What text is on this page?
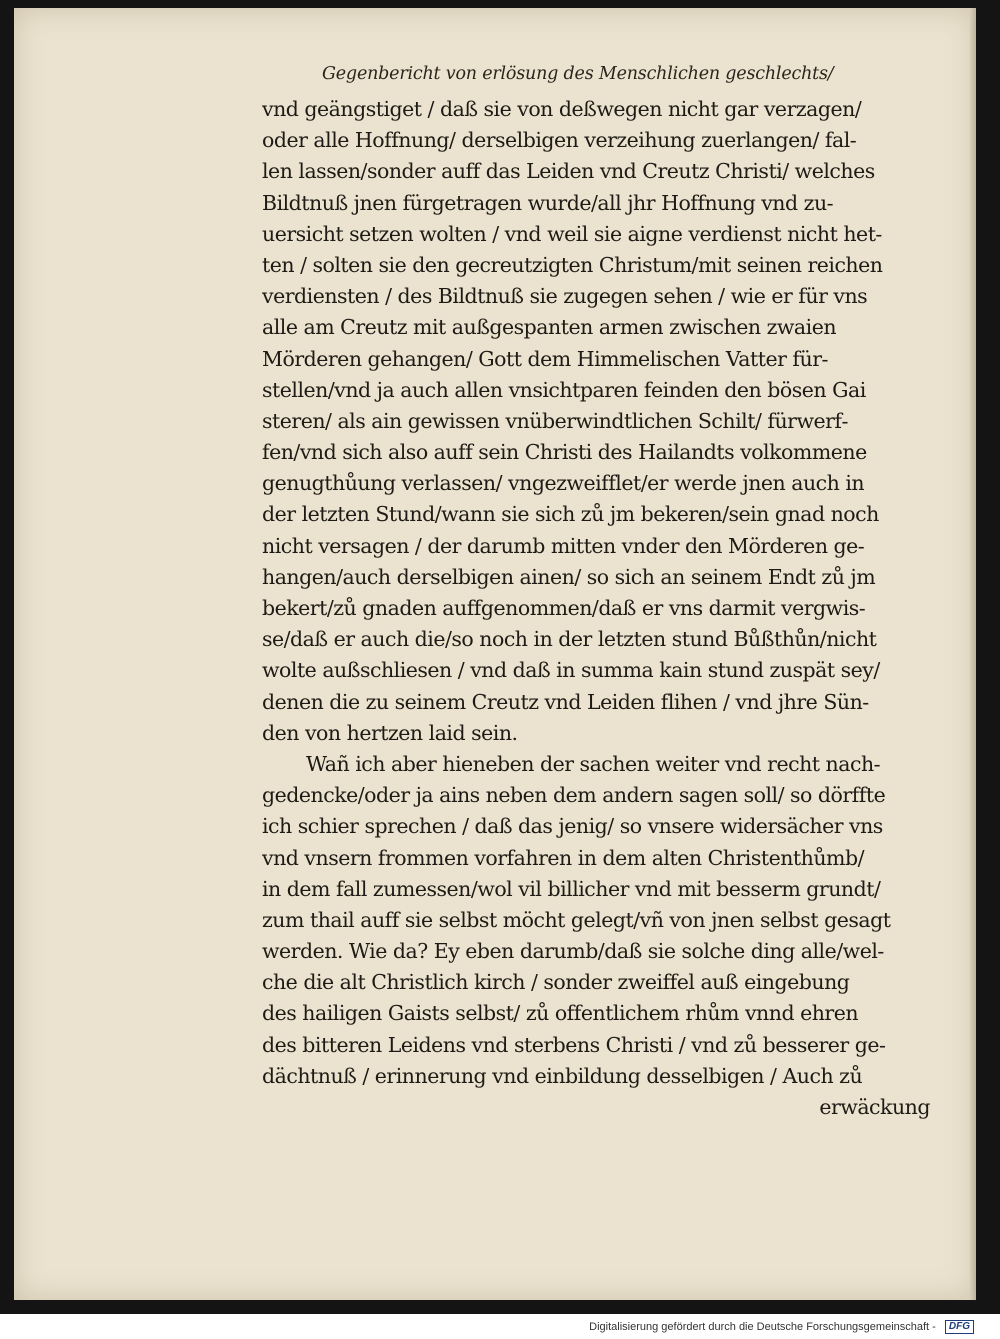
Gegenbericht von erlösung des Menschlichen geschlechts/
vnd geängstiget / daß sie von deßwegen nicht gar verzagen/
oder alle Hoffnung/ derselbigen verzeihung zuerlangen/ fal‑
len lassen/sonder auff das Leiden vnd Creutz Christi/ welches
Bildtnuß jnen fürgetragen wurde/all jhr Hoffnung vnd zu‑
uersicht setzen wolten / vnd weil sie aigne verdienst nicht het‑
ten / solten sie den gecreutzigten Christum/mit seinen reichen
verdiensten / des Bildtnuß sie zugegen sehen / wie er für vns
alle am Creutz mit außgespanten armen zwischen zwaien
Mörderen gehangen/ Gott dem Himmelischen Vatter für‑
stellen/vnd ja auch allen vnsichtparen feinden den bösen Gai
steren/ als ain gewissen vnüberwindtlichen Schilt/ fürwerf‑
fen/vnd sich also auff sein Christi des Hailandts volkommene
genugthůung verlassen/ vngezweifflet/er werde jnen auch in
der letzten Stund/wann sie sich zů jm bekeren/sein gnad noch
nicht versagen / der darumb mitten vnder den Mörderen ge‑
hangen/auch derselbigen ainen/ so sich an seinem Endt zů jm
bekert/zů gnaden auffgenommen/daß er vns darmit vergwis‑
se/daß er auch die/so noch in der letzten stund Bůßthůn/nicht
wolte außschliesen / vnd daß in summa kain stund zuspät sey/
denen die zu seinem Creutz vnd Leiden flihen / vnd jhre Sün‑
den von hertzen laid sein.
Wañ ich aber hieneben der sachen weiter vnd recht nach‑
gedencke/oder ja ains neben dem andern sagen soll/ so dörffte
ich schier sprechen / daß das jenig/ so vnsere widersächer vns
vnd vnsern frommen vorfahren in dem alten Christenthůmb/
in dem fall zumessen/wol vil billicher vnd mit besserm grundt/
zum thail auff sie selbst möcht gelegt/vñ von jnen selbst gesagt
werden. Wie da? Ey eben darumb/daß sie solche ding alle/wel‑
che die alt Christlich kirch / sonder zweiffel auß eingebung
des hailigen Gaists selbst/ zů offentlichem rhům vnnd ehren
des bitteren Leidens vnd sterbens Christi / vnd zů besserer ge‑
dächtnuß / erinnerung vnd einbildung desselbigen / Auch zů
erwäckung
Digitalisierung gefördert durch die Deutsche Forschungsgemeinschaft - DFG
